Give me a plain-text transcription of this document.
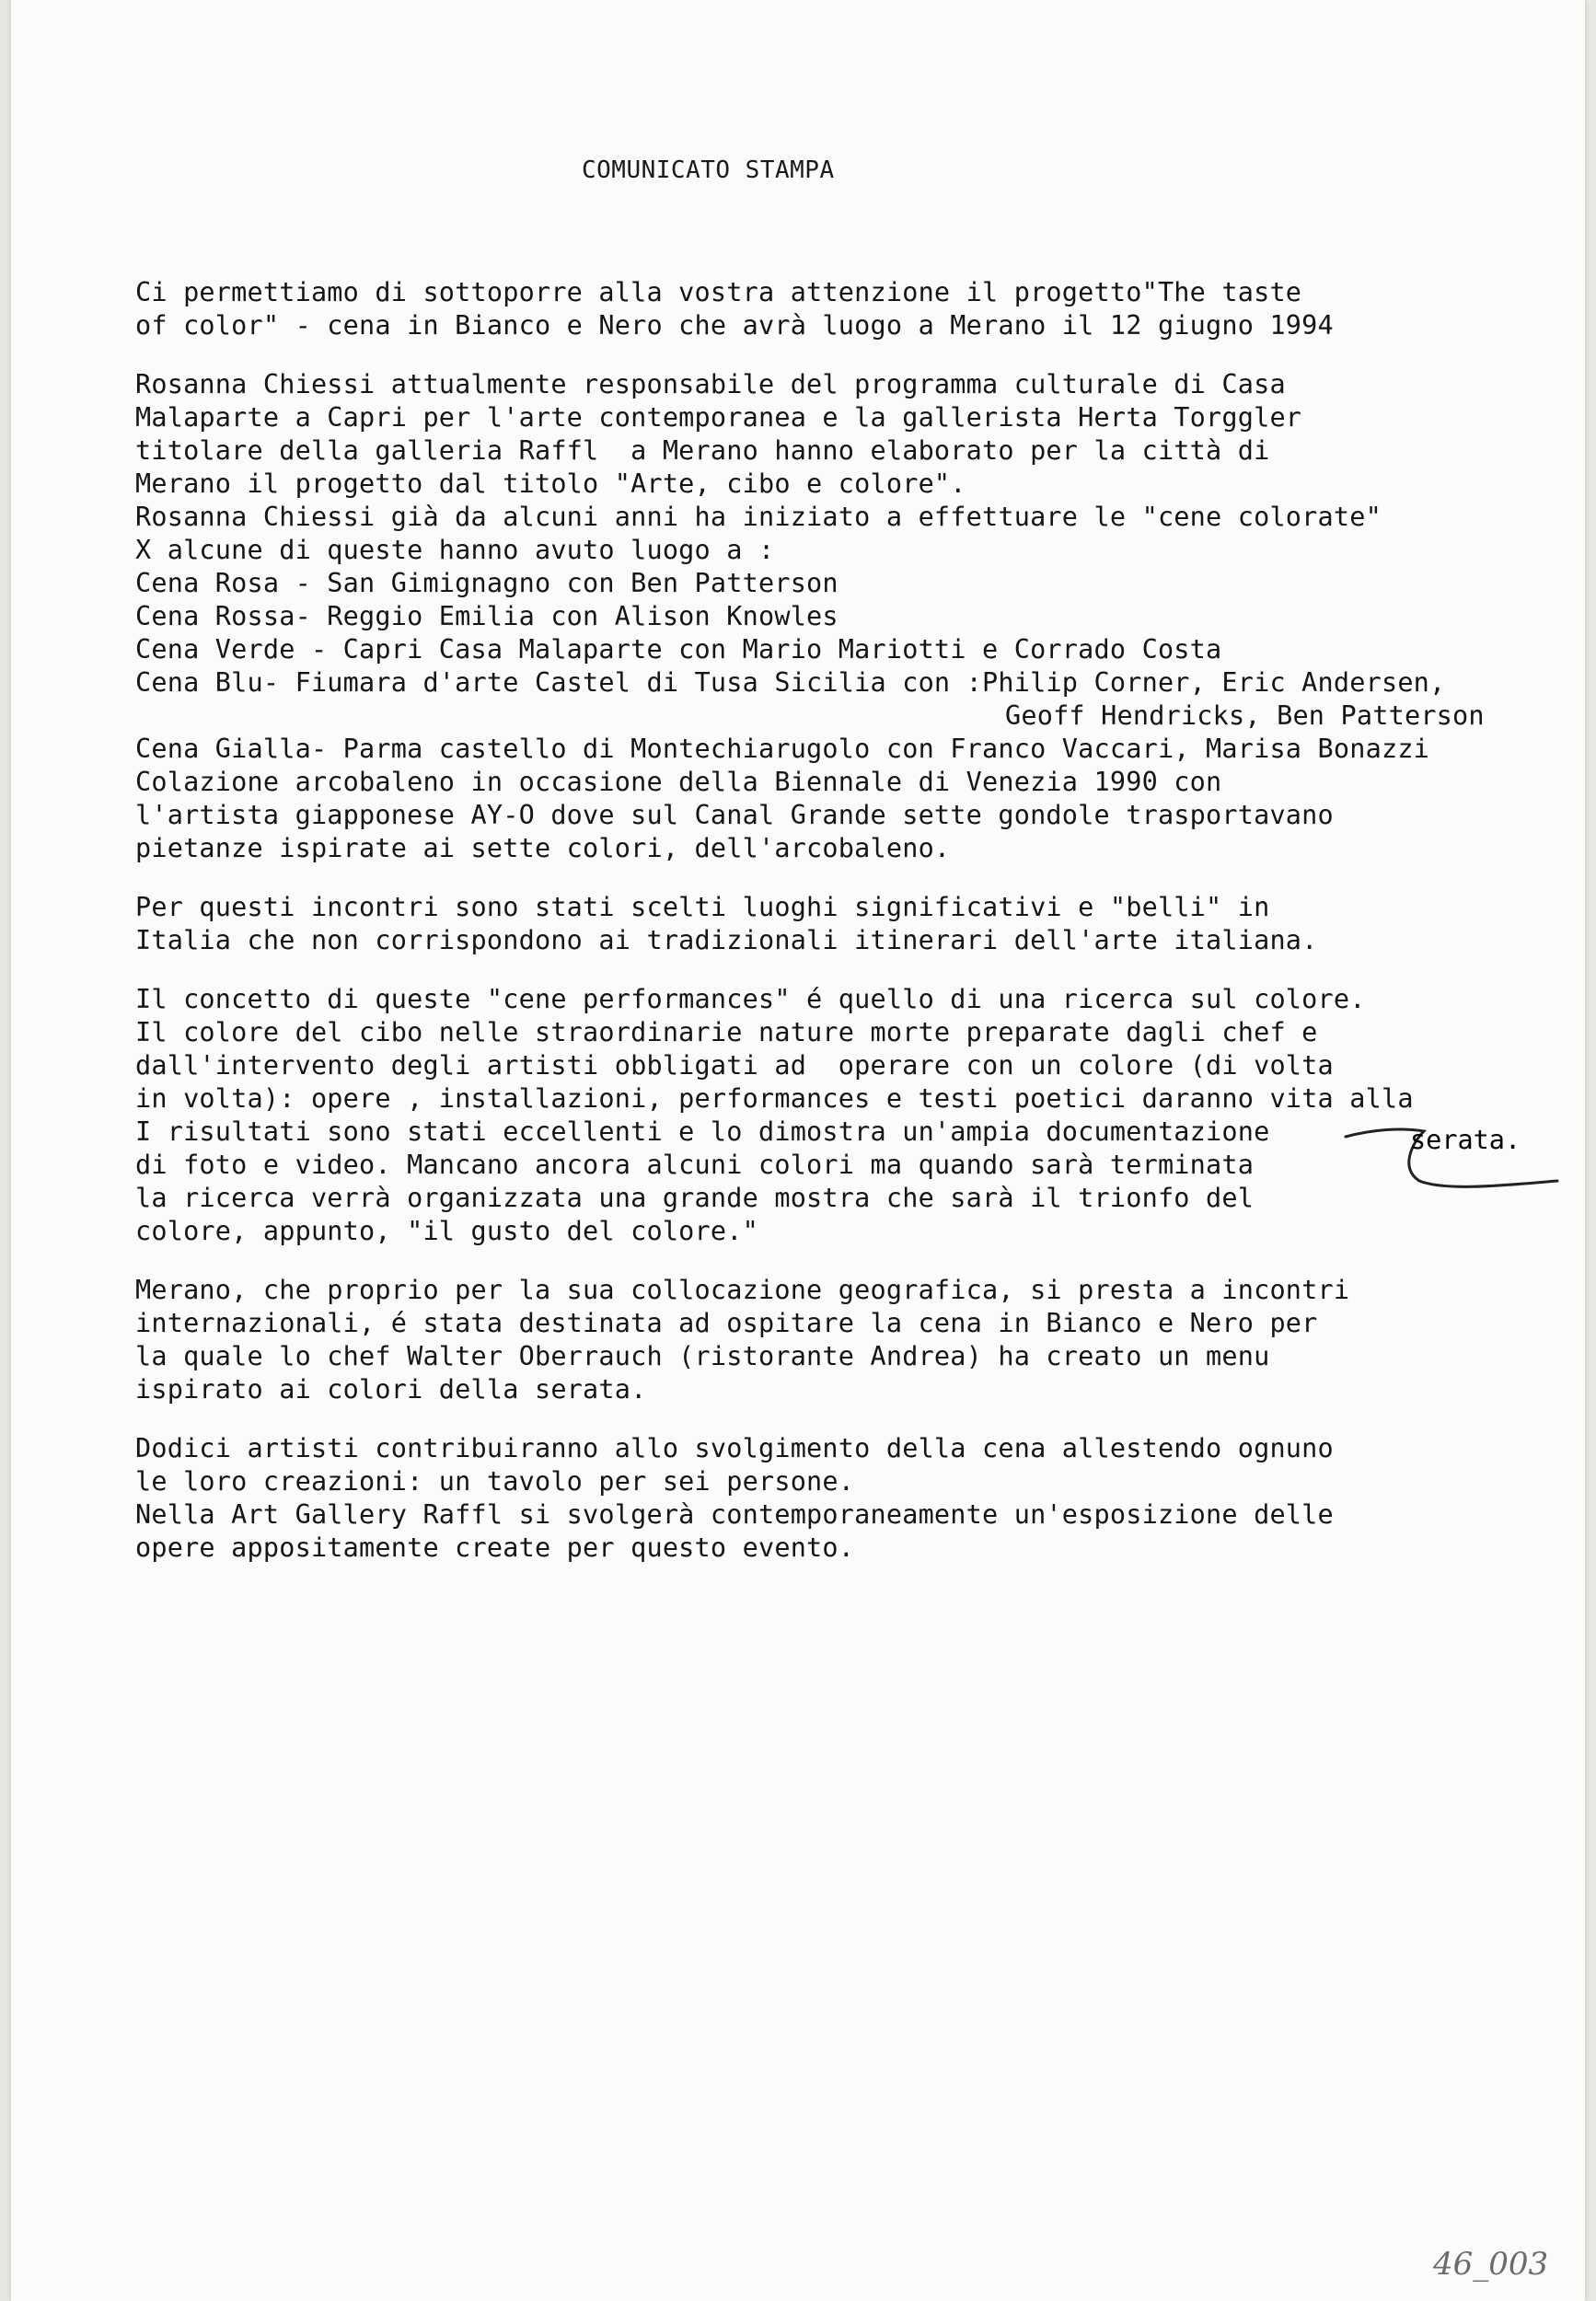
COMUNICATO STAMPA
Ci permettiamo di sottoporre alla vostra attenzione il progetto"The taste
of color" - cena in Bianco e Nero che avrà luogo a Merano il 12 giugno 1994
Rosanna Chiessi attualmente responsabile del programma culturale di Casa
Malaparte a Capri per l'arte contemporanea e la gallerista Herta Torggler
titolare della galleria Raffl  a Merano hanno elaborato per la città di
Merano il progetto dal titolo "Arte, cibo e colore".
Rosanna Chiessi già da alcuni anni ha iniziato a effettuare le "cene colorate"
X alcune di queste hanno avuto luogo a :
Cena Rosa - San Gimignagno con Ben Patterson
Cena Rossa- Reggio Emilia con Alison Knowles
Cena Verde - Capri Casa Malaparte con Mario Mariotti e Corrado Costa
Cena Blu- Fiumara d'arte Castel di Tusa Sicilia con :Philip Corner, Eric Andersen,
Geoff Hendricks, Ben Patterson
Cena Gialla- Parma castello di Montechiarugolo con Franco Vaccari, Marisa Bonazzi
Colazione arcobaleno in occasione della Biennale di Venezia 1990 con
l'artista giapponese AY-O dove sul Canal Grande sette gondole trasportavano
pietanze ispirate ai sette colori, dell'arcobaleno.
Per questi incontri sono stati scelti luoghi significativi e "belli" in
Italia che non corrispondono ai tradizionali itinerari dell'arte italiana.
Il concetto di queste "cene performances" é quello di una ricerca sul colore.
Il colore del cibo nelle straordinarie nature morte preparate dagli chef e
dall'intervento degli artisti obbligati ad  operare con un colore (di volta
in volta): opere , installazioni, performances e testi poetici daranno vita alla
I risultati sono stati eccellenti e lo dimostra un'ampia documentazione
di foto e video. Mancano ancora alcuni colori ma quando sarà terminata
la ricerca verrà organizzata una grande mostra che sarà il trionfo del
colore, appunto, "il gusto del colore."
Merano, che proprio per la sua collocazione geografica, si presta a incontri
internazionali, é stata destinata ad ospitare la cena in Bianco e Nero per
la quale lo chef Walter Oberrauch (ristorante Andrea) ha creato un menu
ispirato ai colori della serata.
Dodici artisti contribuiranno allo svolgimento della cena allestendo ognuno
le loro creazioni: un tavolo per sei persone.
Nella Art Gallery Raffl si svolgerà contemporaneamente un'esposizione delle
opere appositamente create per questo evento.
serata.
46_003
